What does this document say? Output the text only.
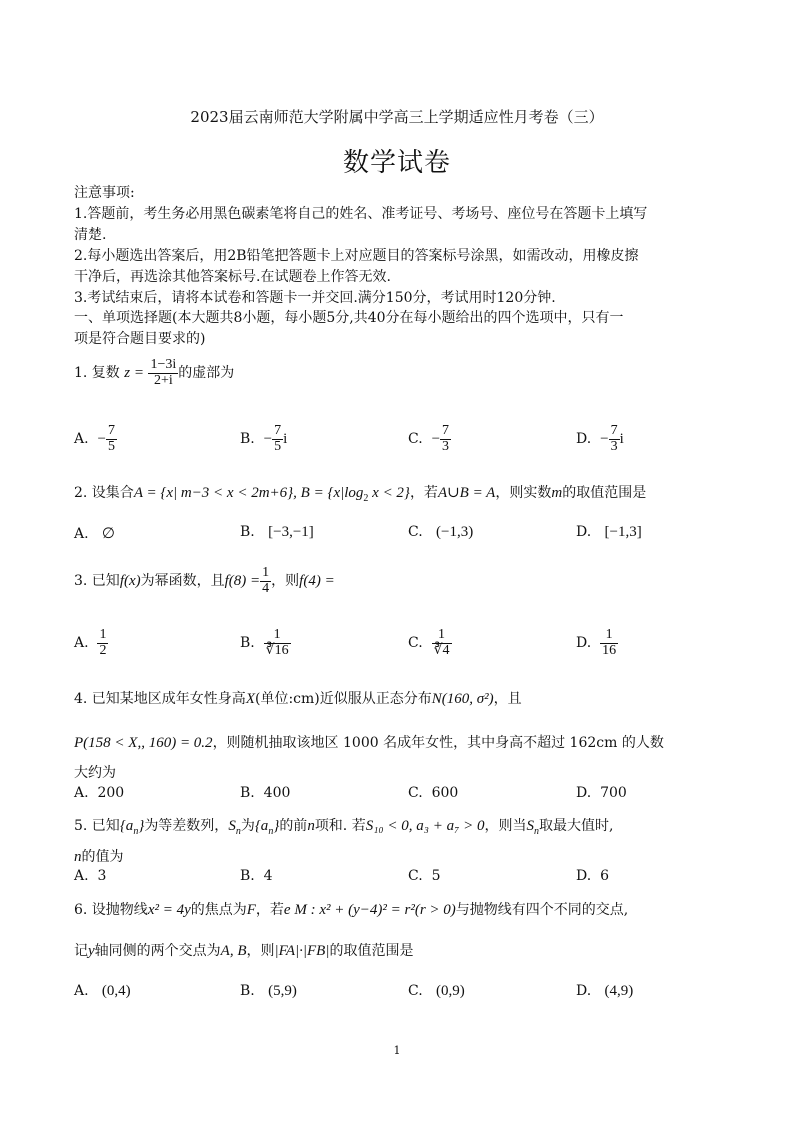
2023届云南师范大学附属中学高三上学期适应性月考卷（三）
数学试卷
注意事项:
1.答题前，考生务必用黑色碳素笔将自己的姓名、准考证号、考场号、座位号在答题卡上填写
清楚.
2.每小题选出答案后，用2B铅笔把答题卡上对应题目的答案标号涂黑，如需改动，用橡皮擦
干净后，再选涂其他答案标号.在试题卷上作答无效.
3.考试结束后，请将本试卷和答题卡一并交回.满分150分，考试用时120分钟.
一、单项选择题(本大题共8小题，每小题5分,共40分在每小题给出的四个选项中，只有一
项是符合题目要求的)
1. 复数 $z = \frac{1-3i}{2+i}$ 的虚部为
A. − $\frac{7}{5}$	B. − $\frac{7}{5}$ i	C. − $\frac{7}{3}$	D. − $\frac{7}{3}$ i
2. 设集合A = {x| m−3 < x < 2m+6}, $B = \{x|\log_2$ x < 2}，若A∪B = A，则实数m的取值范围是
A. ∅	B. [−3,−1]	C. (−1,3)	D. [−1,3]
3. 已知f(x)为幂函数，且$f(8) = \frac{1}{4}$ ，则f(4) =
A. $\frac{1}{2}$	B. $\frac{1}{∛16}$	C. $\frac{1}{∛4}$	D. $\frac{1}{16}$
4. 已知某地区成年女性身高X(单位:cm)近似服从正态分布N(160, σ²)，且
P(158 < X,, 160) = 0.2，则随机抽取该地区 1000 名成年女性，其中身高不超过 162cm 的人数
大约为
A. 200	B. 400	C. 600	D. 700
5. 已知$\{a_n\}$为等差数列，$S_n$为$\{a_n\}$的前n项和. 若S₁₀ < 0, a₃ + a₇ > 0，则当$S_n$取最大值时,
n的值为
A. 3	B. 4	C. 5	D. 6
6. 设抛物线x² = 4y的焦点为F，若e M : x² + (y−4)² = r²(r > 0)与抛物线有四个不同的交点,
记y轴同侧的两个交点为A, B，则|FA|·|FB|的取值范围是
A. (0,4)	B. (5,9)	C. (0,9)	D. (4,9)
1
